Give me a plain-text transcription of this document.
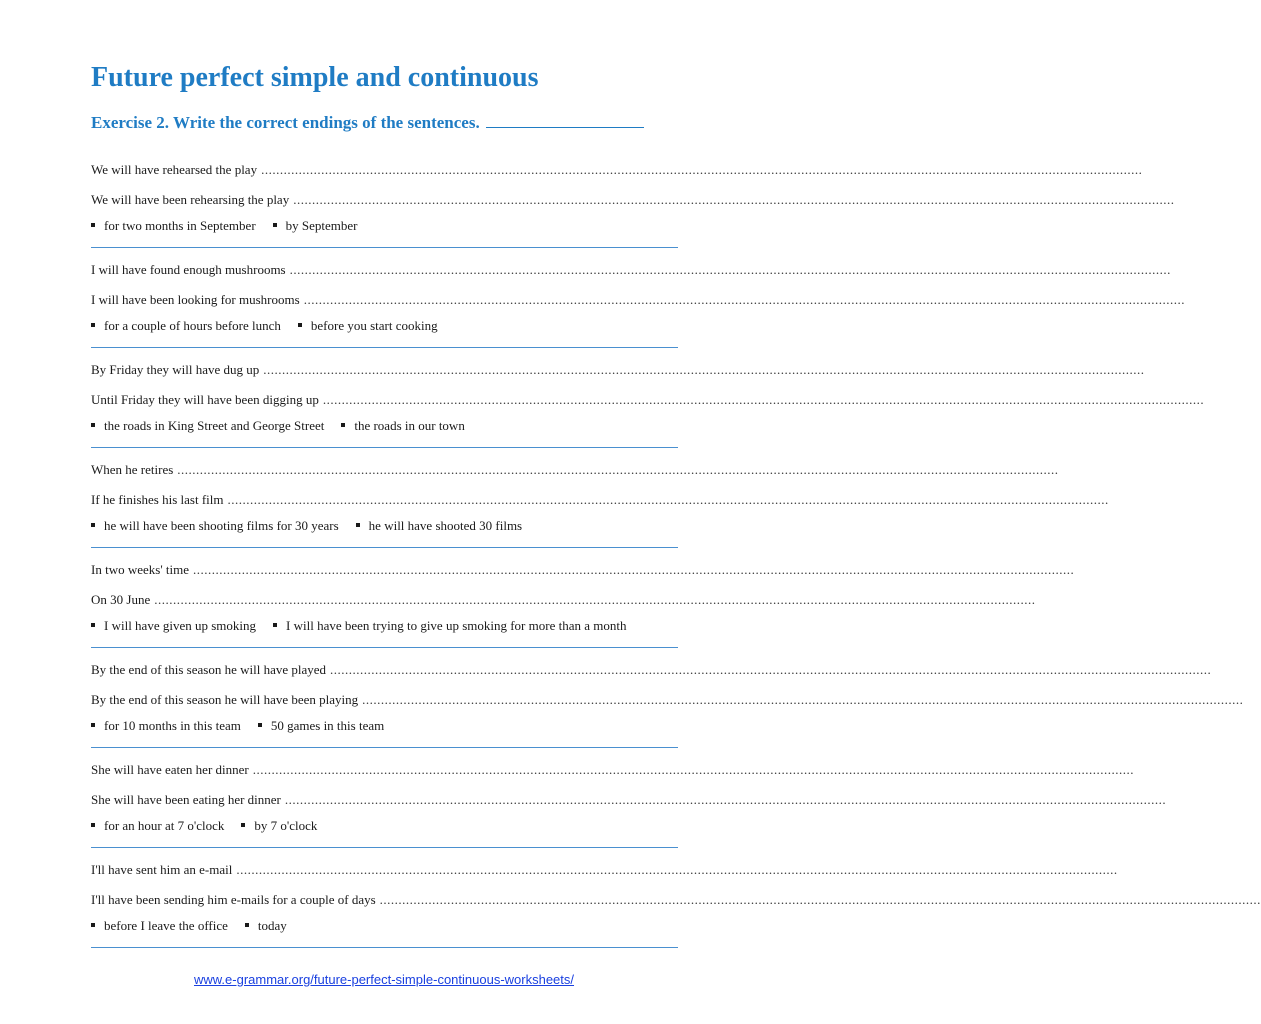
Future perfect simple and continuous
Exercise 2. Write the correct endings of the sentences.
We will have rehearsed the play ...........................................................................................................................................................................................................................................
We will have been rehearsing the play ...........................................................................................................................................................................................................................................
for two months in September by September
I will have found enough mushrooms ...........................................................................................................................................................................................................................................
I will have been looking for mushrooms ...........................................................................................................................................................................................................................................
for a couple of hours before lunch before you start cooking
By Friday they will have dug up ...........................................................................................................................................................................................................................................
Until Friday they will have been digging up ...........................................................................................................................................................................................................................................
the roads in King Street and George Street the roads in our town
When he retires ...........................................................................................................................................................................................................................................
If he finishes his last film ...........................................................................................................................................................................................................................................
he will have been shooting films for 30 years he will have shooted 30 films
In two weeks' time ...........................................................................................................................................................................................................................................
On 30 June ...........................................................................................................................................................................................................................................
I will have given up smoking I will have been trying to give up smoking for more than a month
By the end of this season he will have played ...........................................................................................................................................................................................................................................
By the end of this season he will have been playing ...........................................................................................................................................................................................................................................
for 10 months in this team 50 games in this team
She will have eaten her dinner ...........................................................................................................................................................................................................................................
She will have been eating her dinner ...........................................................................................................................................................................................................................................
for an hour at 7 o'clock by 7 o'clock
I'll have sent him an e-mail ...........................................................................................................................................................................................................................................
I'll have been sending him e-mails for a couple of days ...........................................................................................................................................................................................................................................
before I leave the office today
www.e-grammar.org/future-perfect-simple-continuous-worksheets/
